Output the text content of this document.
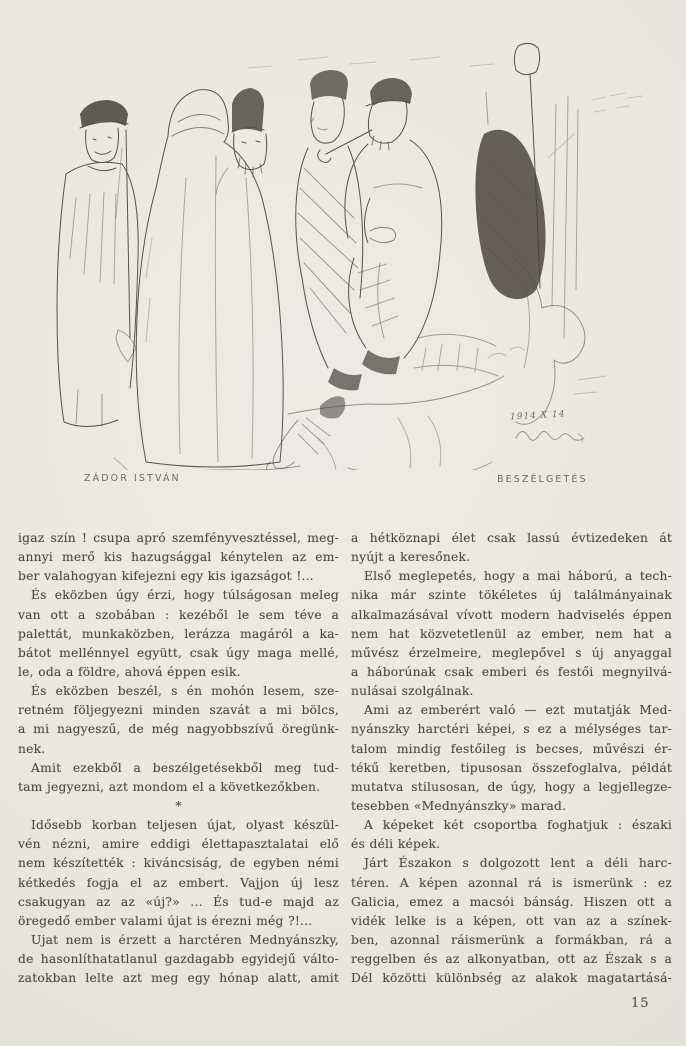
1914 X 14
ZÁDOR ISTVÁN	BESZÉLGETÉS
igaz szín ! csupa apró szemfényvesztéssel, meg-
annyi merő kis hazugsággal kénytelen az em-
ber valahogyan kifejezni egy kis igazságot !...
És eközben úgy érzi, hogy túlságosan meleg
van ott a szobában : kezéből le sem téve a
palettát, munkaközben, lerázza magáról a ka-
bátot mellénnyel együtt, csak úgy maga mellé,
le, oda a földre, ahová éppen esik.
És eközben beszél, s én mohón lesem, sze-
retném följegyezni minden szavát a mi bölcs,
a mi nagyeszű, de még nagyobbszívű öregünk-
nek.
Amit ezekből a beszélgetésekből meg tud-
tam jegyezni, azt mondom el a következőkben.
*
Idősebb korban teljesen újat, olyast készül-
vén nézni, amire eddigi élettapasztalatai elő
nem készítették : kiváncsiság, de egyben némi
kétkedés fogja el az embert. Vajjon új lesz
csakugyan az az «új?» ... És tud-e majd az
öregedő ember valami újat is érezni még ?!...
Ujat nem is érzett a harctéren Mednyánszky,
de hasonlíthatatlanul gazdagabb egyidejű válto-
zatokban lelte azt meg egy hónap alatt, amit
a hétköznapi élet csak lassú évtizedeken át
nyújt a keresőnek.
Első meglepetés, hogy a mai háború, a tech-
nika már szinte tökéletes új találmányainak
alkalmazásával vívott modern hadviselés éppen
nem hat közvetetlenül az ember, nem hat a
művész érzelmeire, meglepővel s új anyaggal
a háborúnak csak emberi és festői megnyilvá-
nulásai szolgálnak.
Ami az emberért való — ezt mutatják Med-
nyánszky harctéri képei, s ez a mélységes tar-
talom mindig festőileg is becses, művészi ér-
tékű keretben, tipusosan összefoglalva, példát
mutatva stilusosan, de úgy, hogy a legjellegze-
tesebben «Mednyánszky» marad.
A képeket két csoportba foghatjuk : északi
és déli képek.
Járt Északon s dolgozott lent a déli harc-
téren. A képen azonnal rá is ismerünk : ez
Galicia, emez a macsói bánság. Hiszen ott a
vidék lelke is a képen, ott van az a színek-
ben, azonnal ráismerünk a formákban, rá a
reggelben és az alkonyatban, ott az Észak s a
Dél közötti különbség az alakok magatartásá-
15
